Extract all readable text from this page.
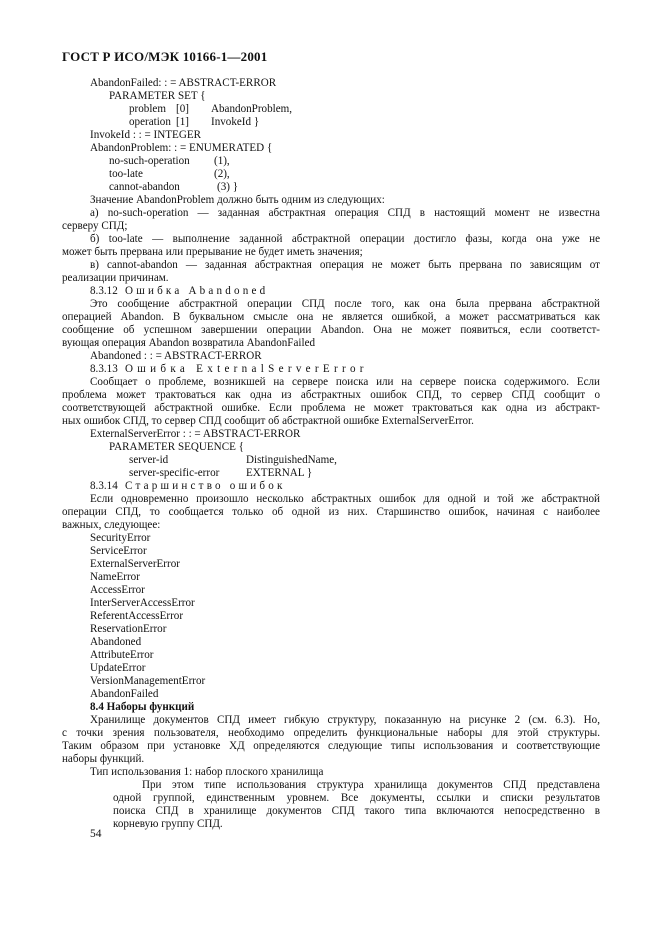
ГОСТ Р ИСО/МЭК 10166-1—2001
AbandonFailed: : = ABSTRACT-ERROR
PARAMETER SET {
problem [0] AbandonProblem,
operation [1] InvokeId }
InvokeId : : = INTEGER
AbandonProblem: : = ENUMERATED {
no-such-operation (1),
too-late	(2),
cannot-abandon	(3) }
Значение AbandonProblem должно быть одним из следующих:
а) no-such-operation — заданная абстрактная операция СПД в настоящий момент не известна
серверу СПД;
б) too-late — выполнение заданной абстрактной операции достигло фазы, когда она уже не
может быть прервана или прерывание не будет иметь значения;
в) cannot-abandon — заданная абстрактная операция не может быть прервана по зависящим от
реализации причинам.
8.3.12 Ошибка Abandoned
Это сообщение абстрактной операции СПД после того, как она была прервана абстрактной
операцией Abandon. В буквальном смысле она не является ошибкой, а может рассматриваться как
сообщение об успешном завершении операции Abandon. Она не может появиться, если соответст-
вующая операция Abandon возвратила AbandonFailed
Abandoned : : = ABSTRACT-ERROR
8.3.13 Ошибка ExternalServerError
Сообщает о проблеме, возникшей на сервере поиска или на сервере поиска содержимого. Если
проблема может трактоваться как одна из абстрактных ошибок СПД, то сервер СПД сообщит о
соответствующей абстрактной ошибке. Если проблема не может трактоваться как одна из абстракт-
ных ошибок СПД, то сервер СПД сообщит об абстрактной ошибке ExternalServerError.
ExternalServerError : : = ABSTRACT-ERROR
PARAMETER SEQUENCE {
server-id	DistinguishedName,
server-specific-error EXTERNAL }
8.3.14 Старшинство ошибок
Если одновременно произошло несколько абстрактных ошибок для одной и той же абстрактной
операции СПД, то сообщается только об одной из них. Старшинство ошибок, начиная с наиболее
важных, следующее:
SecurityError
ServiceError
ExternalServerError
NameError
AccessError
InterServerAccessError
ReferentAccessError
ReservationError
Abandoned
AttributeError
UpdateError
VersionManagementError
AbandonFailed
8.4 Наборы функций
Хранилище документов СПД имеет гибкую структуру, показанную на рисунке 2 (см. 6.3). Но,
с точки зрения пользователя, необходимо определить функциональные наборы для этой структуры.
Таким образом при установке ХД определяются следующие типы использования и соответствующие
наборы функций.
Тип использования 1: набор плоского хранилища
При этом типе использования структура хранилища документов СПД представлена
одной группой, единственным уровнем. Все документы, ссылки и списки результатов
поиска СПД в хранилище документов СПД такого типа включаются непосредственно в
корневую группу СПД.
54
